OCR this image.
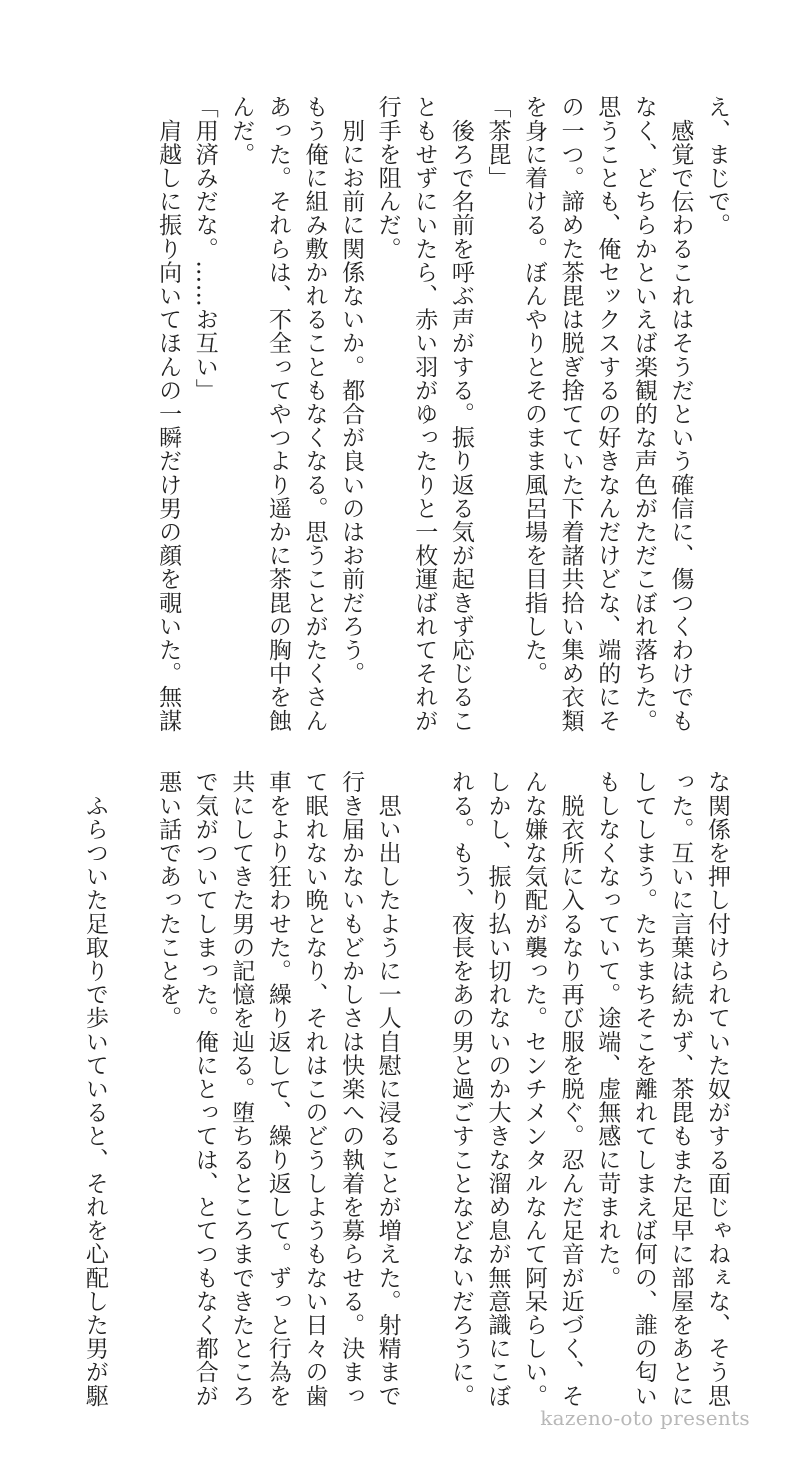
え、まじで。

　感覚で伝わるこれはそうだという確信に、傷つくわけでも

なく、どちらかといえば楽観的な声色がただこぼれ落ちた。

思うことも、俺セックスするの好きなんだけどな、端的にそ

の一つ。諦めた茶毘は脱ぎ捨てていた下着諸共拾い集め衣類

を身に着ける。ぼんやりとそのまま風呂場を目指した。

「茶毘」

　後ろで名前を呼ぶ声がする。振り返る気が起きず応じるこ

ともせずにいたら、赤い羽がゆったりと一枚運ばれてそれが

行手を阻んだ。

　別にお前に関係ないか。都合が良いのはお前だろう。

もう俺に組み敷かれることもなくなる。思うことがたくさん

あった。それらは、不全ってやつより遥かに茶毘の胸中を蝕

んだ。

「用済みだな。……お互い」

　肩越しに振り向いてほんの一瞬だけ男の顔を覗いた。無謀

な関係を押し付けられていた奴がする面じゃねぇな、そう思

った。互いに言葉は続かず、茶毘もまた足早に部屋をあとに

してしまう。たちまちそこを離れてしまえば何の、誰の匂い

もしなくなっていて。途端、虚無感に苛まれた。

　脱衣所に入るなり再び服を脱ぐ。忍んだ足音が近づく、そ

んな嫌な気配が襲った。センチメンタルなんて阿呆らしい。

しかし、振り払い切れないのか大きな溜め息が無意識にこぼ

れる。もう、夜長をあの男と過ごすことなどないだろうに。

　思い出したように一人自慰に浸ることが増えた。射精まで

行き届かないもどかしさは快楽への執着を募らせる。決まっ

て眠れない晩となり、それはこのどうしようもない日々の歯

車をより狂わせた。繰り返して、繰り返して。ずっと行為を

共にしてきた男の記憶を辿る。堕ちるところまできたところ

で気がついてしまった。俺にとっては、とてつもなく都合が

悪い話であったことを。

　ふらついた足取りで歩いていると、それを心配した男が駆

kazeno-oto presents
